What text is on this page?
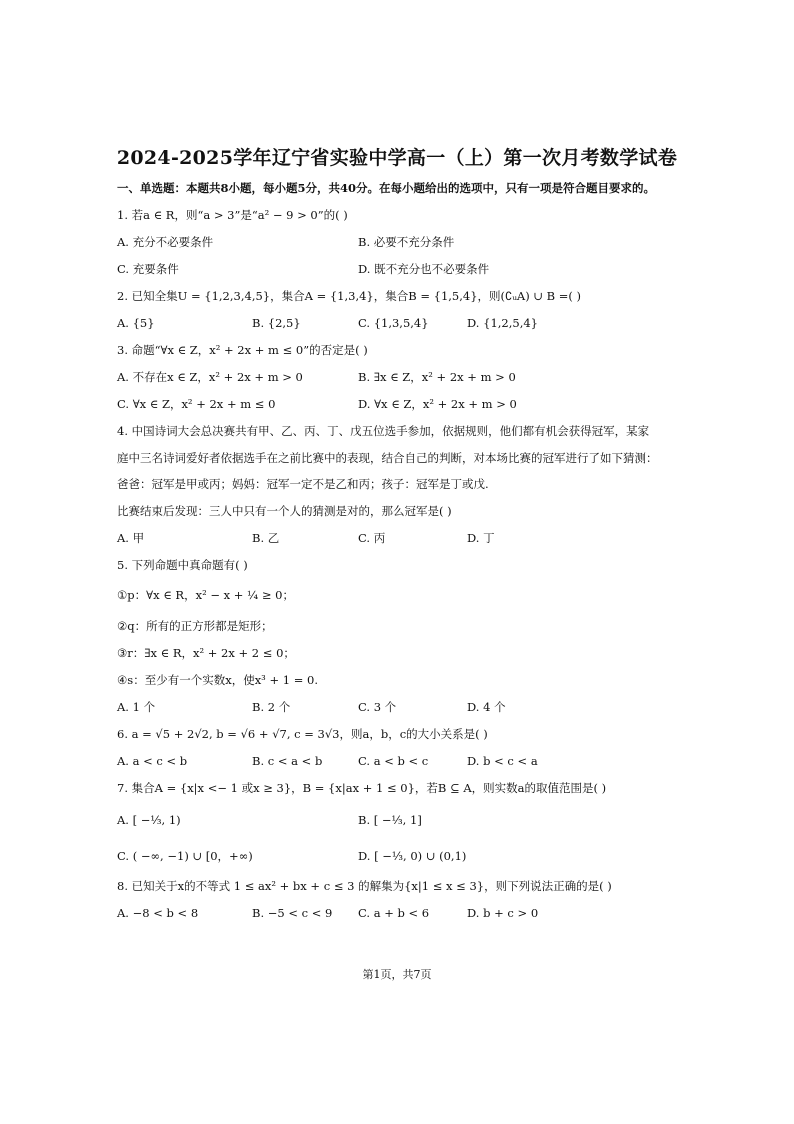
2024-2025学年辽宁省实验中学高一（上）第一次月考数学试卷
一、单选题：本题共8小题，每小题5分，共40分。在每小题给出的选项中，只有一项是符合题目要求的。
1. 若a ∈ R，则“a > 3”是“a² − 9 > 0”的( )
A. 充分不必要条件	B. 必要不充分条件
C. 充要条件	D. 既不充分也不必要条件
2. 已知全集U = {1,2,3,4,5}，集合A = {1,3,4}，集合B = {1,5,4}，则(∁ᵤA) ∪ B =( )
A. {5}	B. {2,5}	C. {1,3,5,4}	D. {1,2,5,4}
3. 命题“∀x ∈ Z，x² + 2x + m ≤ 0”的否定是( )
A. 不存在x ∈ Z，x² + 2x + m > 0	B. ∃x ∈ Z，x² + 2x + m > 0
C. ∀x ∈ Z，x² + 2x + m ≤ 0	D. ∀x ∈ Z，x² + 2x + m > 0
4. 中国诗词大会总决赛共有甲、乙、丙、丁、戊五位选手参加，依据规则，他们都有机会获得冠军，某家
庭中三名诗词爱好者依据选手在之前比赛中的表现，结合自己的判断，对本场比赛的冠军进行了如下猜测：
爸爸：冠军是甲或丙；妈妈：冠军一定不是乙和丙；孩子：冠军是丁或戊.
比赛结束后发现：三人中只有一个人的猜测是对的，那么冠军是( )
A. 甲	B. 乙	C. 丙	D. 丁
5. 下列命题中真命题有( )
①p：∀x ∈ R，x² − x + ¼ ≥ 0；
②q：所有的正方形都是矩形；
③r：∃x ∈ R，x² + 2x + 2 ≤ 0；
④s：至少有一个实数x，使x³ + 1 = 0.
A. 1 个	B. 2 个	C. 3 个	D. 4 个
6. a = √5 + 2√2, b = √6 + √7, c = 3√3，则a，b，c的大小关系是( )
A. a < c < b	B. c < a < b	C. a < b < c	D. b < c < a
7. 集合A = {x|x <− 1 或x ≥ 3}，B = {x|ax + 1 ≤ 0}，若B ⊆ A，则实数a的取值范围是( )
A. [ −⅓, 1)	B. [ −⅓, 1]
C. ( −∞, −1) ∪ [0，+∞)	D. [ −⅓, 0) ∪ (0,1)
8. 已知关于x的不等式 1 ≤ ax² + bx + c ≤ 3 的解集为{x|1 ≤ x ≤ 3}，则下列说法正确的是( )
A. −8 < b < 8	B. −5 < c < 9 C. a + b < 6	D. b + c > 0
第1页，共7页
